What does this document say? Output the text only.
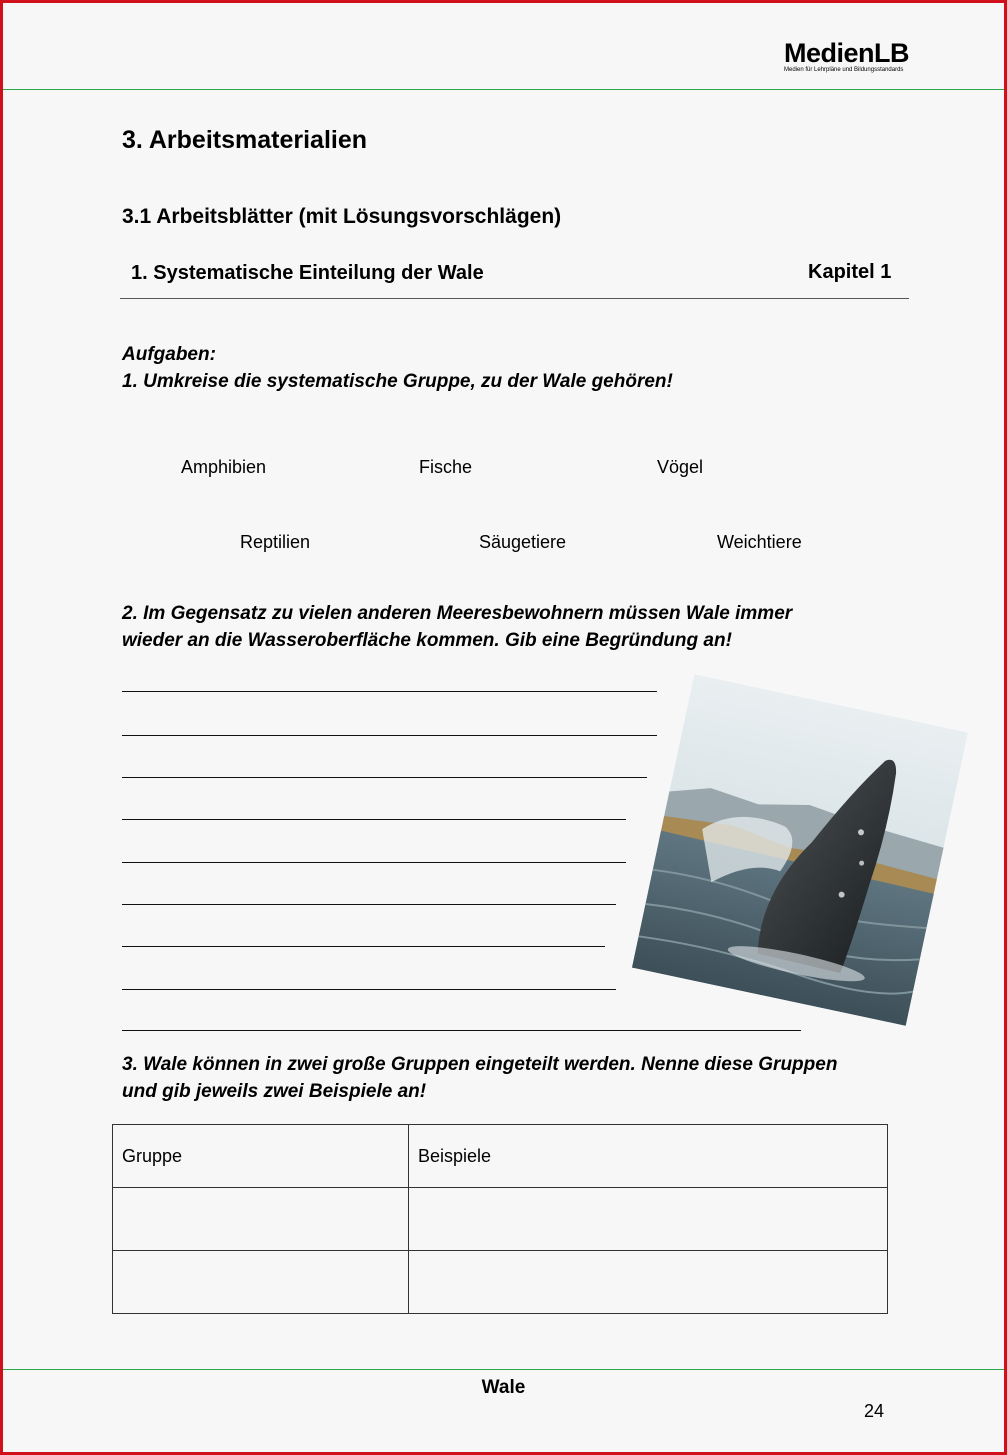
MedienLB
Medien für Lehrpläne und Bildungsstandards
3. Arbeitsmaterialien
3.1 Arbeitsblätter (mit Lösungsvorschlägen)
1. Systematische Einteilung der Wale	Kapitel 1
Aufgaben:
1. Umkreise die systematische Gruppe, zu der Wale gehören!
Amphibien	Fische	Vögel
Reptilien	Säugetiere	Weichtiere
2. Im Gegensatz zu vielen anderen Meeresbewohnern müssen Wale immer
wieder an die Wasseroberfläche kommen. Gib eine Begründung an!
3. Wale können in zwei große Gruppen eingeteilt werden. Nenne diese Gruppen
und gib jeweils zwei Beispiele an!
Gruppe	Beispiele

Wale
24
